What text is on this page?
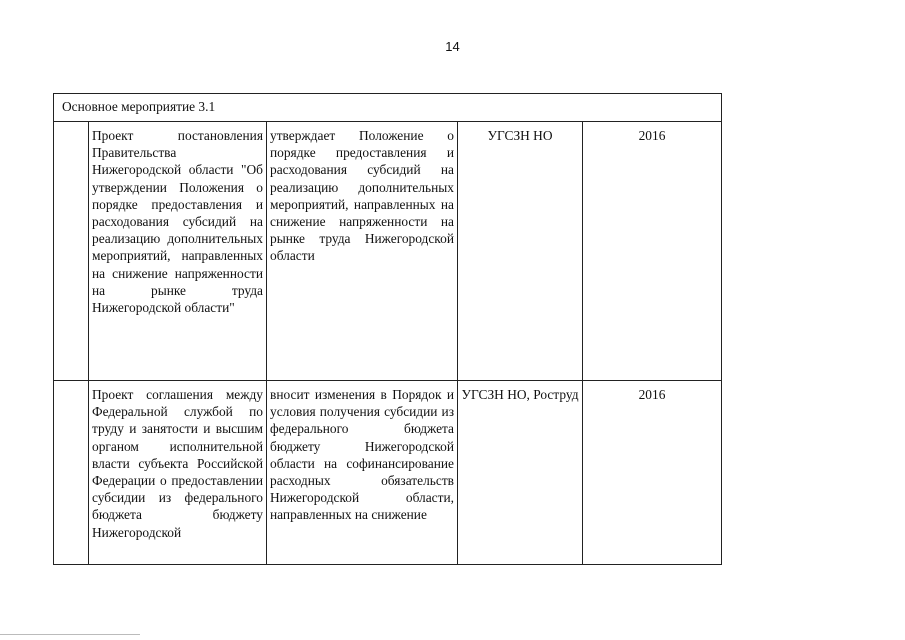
14
Основное мероприятие 3.1				
	Проект постановления Правительства Нижегородской области "Об утверждении Положения о порядке предоставления и расходования субсидий на реализацию дополнительных мероприятий, направленных на снижение напряженности на рынке труда Нижегородской области"	утверждает Положение о порядке предоставления и расходования субсидий на реализацию дополнительных мероприятий, направленных на снижение напряженности на рынке труда Нижегородской области	УГСЗН НО	2016
	Проект соглашения между Федеральной службой по труду и занятости и высшим органом исполнительной власти субъекта Российской Федерации о предоставлении субсидии из федерального бюджета бюджету Нижегородской	вносит изменения в Порядок и условия получения субсидии из федерального бюджета бюджету Нижегородской области на софинансирование расходных обязательств Нижегородской области, направленных на снижение	УГСЗН НО, Роструд	2016
